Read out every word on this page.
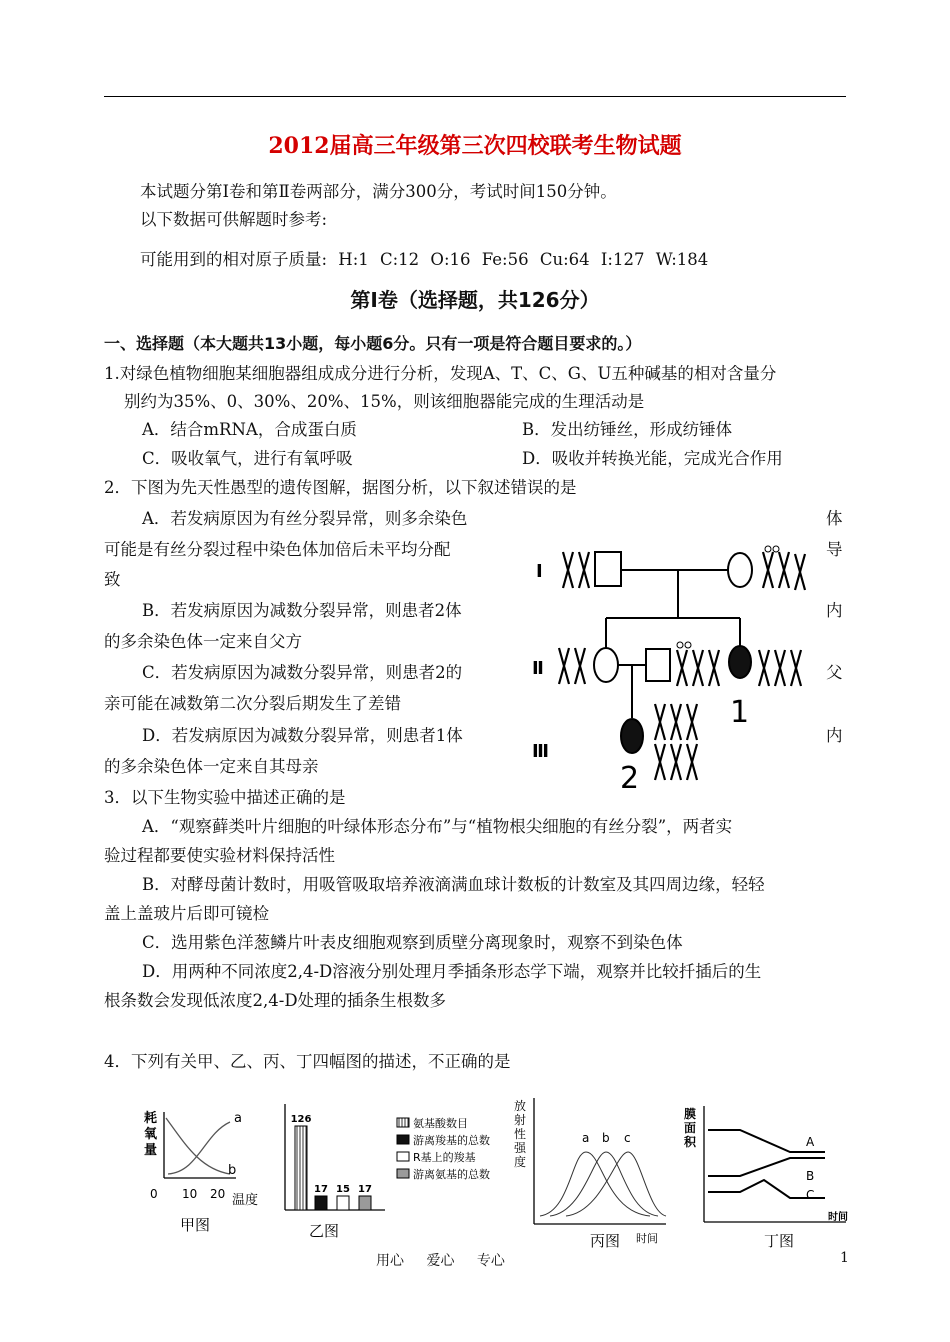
2012届高三年级第三次四校联考生物试题
本试题分第Ⅰ卷和第Ⅱ卷两部分，满分300分，考试时间150分钟。
以下数据可供解题时参考:
可能用到的相对原子质量: H:1 C:12 O:16 Fe:56 Cu:64 I:127 W:184
第Ⅰ卷（选择题，共126分）
一、选择题（本大题共13小题，每小题6分。只有一项是符合题目要求的。）
1.对绿色植物细胞某细胞器组成成分进行分析，发现A、T、C、G、U五种碱基的相对含量分
别约为35%、0、30%、20%、15%，则该细胞器能完成的生理活动是
A．结合mRNA，合成蛋白质	B．发出纺锤丝，形成纺锤体
C．吸收氧气，进行有氧呼吸	D．吸收并转换光能，完成光合作用
2．下图为先天性愚型的遗传图解，据图分析，以下叙述错误的是
A．若发病原因为有丝分裂异常，则多余染色	体
可能是有丝分裂过程中染色体加倍后未平均分配	导
致
B．若发病原因为减数分裂异常，则患者2体	内
的多余染色体一定来自父方
C．若发病原因为减数分裂异常，则患者2的	父
亲可能在减数第二次分裂后期发生了差错
D．若发病原因为减数分裂异常，则患者1体	内
的多余染色体一定来自其母亲
Ⅰ
Ⅱ
Ⅲ
1
2
3．以下生物实验中描述正确的是
A．“观察藓类叶片细胞的叶绿体形态分布”与“植物根尖细胞的有丝分裂”，两者实
验过程都要使实验材料保持活性
B．对酵母菌计数时，用吸管吸取培养液滴满血球计数板的计数室及其四周边缘，轻轻
盖上盖玻片后即可镜检
C．选用紫色洋葱鳞片叶表皮细胞观察到质壁分离现象时，观察不到染色体
D．用两种不同浓度2,4-D溶液分别处理月季插条形态学下端，观察并比较扦插后的生
根条数会发现低浓度2,4-D处理的插条生根数多
4．下列有关甲、乙、丙、丁四幅图的描述，不正确的是
耗
氧
量
a
b
0 10 20 温度
甲图
126
17 15 17
氨基酸数目
游离羧基的总数
R基上的羧基
游离氨基的总数
乙图
放
射
性
强
度
a b c
丙图 时间
膜
面
积	A
B
C
时间
丁图
用心 爱心 专心	1
